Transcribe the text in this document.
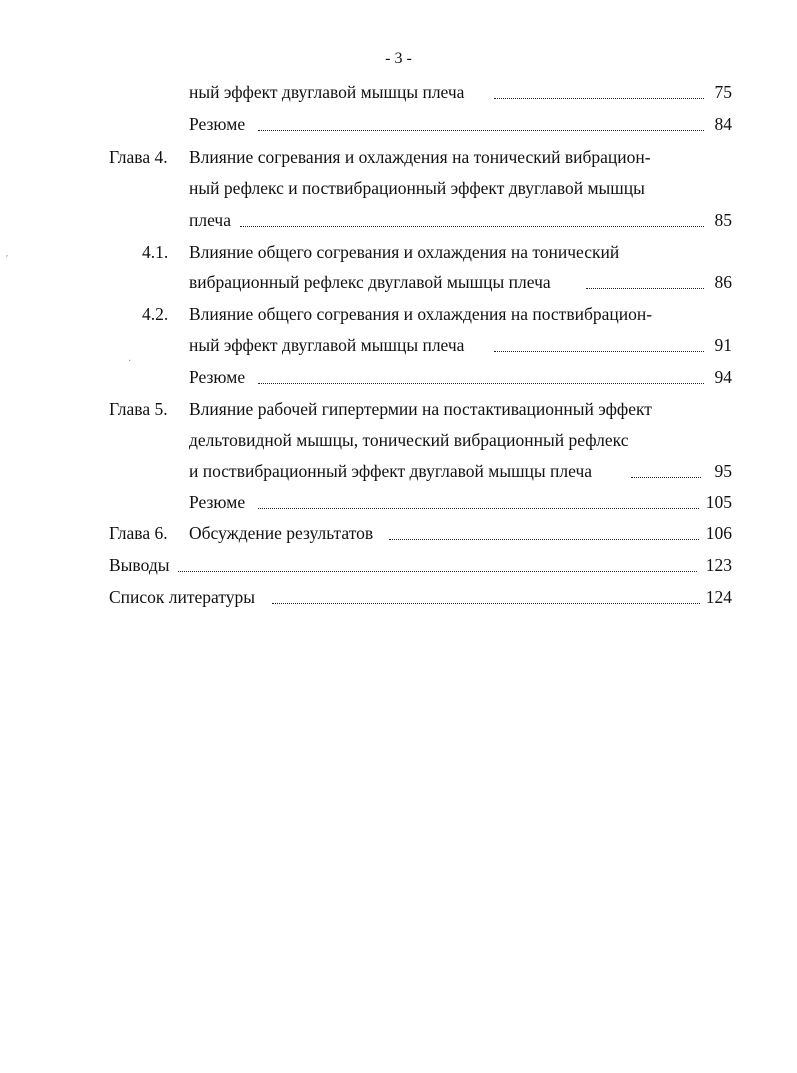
- 3 -
ный эффект двуглавой мышцы плеча	75
Резюме	84
Глава 4. Влияние согревания и охлаждения на тонический вибрацион-
ный рефлекс и поствибрационный эффект двуглавой мышцы
плеча	85
4.1. Влияние общего согревания и охлаждения на тонический
вибрационный рефлекс двуглавой мышцы плеча	86
4.2. Влияние общего согревания и охлаждения на поствибрацион-
ный эффект двуглавой мышцы плеча	91
Резюме	94
Глава 5. Влияние рабочей гипертермии на постактивационный эффект
дельтовидной мышцы, тонический вибрационный рефлекс
и поствибрационный эффект двуглавой мышцы плеча	95
Резюме	105
Глава 6. Обсуждение результатов	106
Выводы	123
Список литературы	124
ʹ
·
